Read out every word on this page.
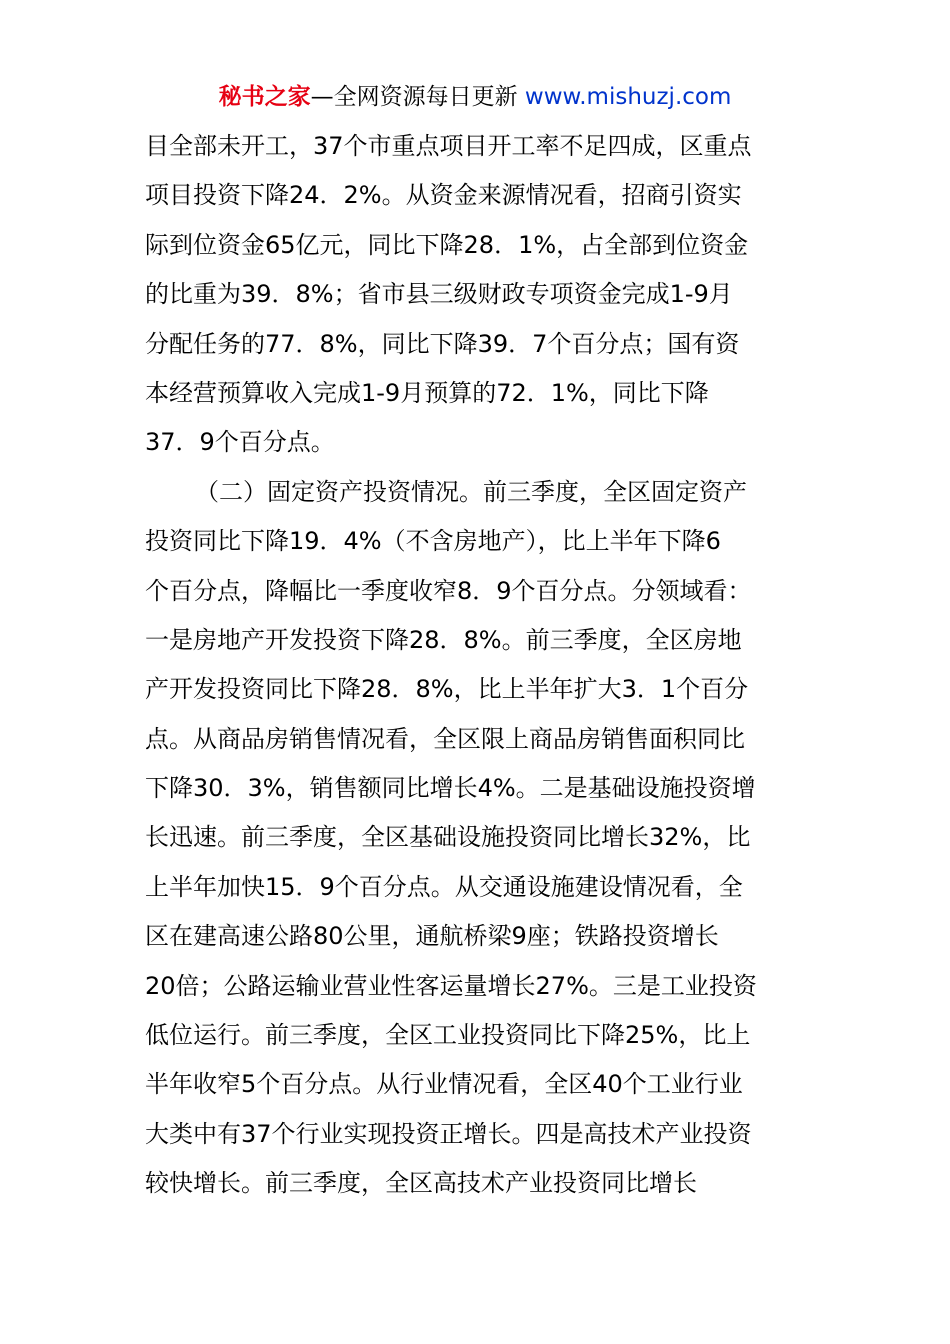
秘书之家—全网资源每日更新 www.mishuzj.com
目全部未开工，37个市重点项目开工率不足四成，区重点
项目投资下降24．2%。从资金来源情况看，招商引资实
际到位资金65亿元，同比下降28．1%，占全部到位资金
的比重为39．8%；省市县三级财政专项资金完成1-9月
分配任务的77．8%，同比下降39．7个百分点；国有资
本经营预算收入完成1-9月预算的72．1%，同比下降
37．9个百分点。
（二）固定资产投资情况。前三季度，全区固定资产
投资同比下降19．4%（不含房地产），比上半年下降6
个百分点，降幅比一季度收窄8．9个百分点。分领域看：
一是房地产开发投资下降28．8%。前三季度，全区房地
产开发投资同比下降28．8%，比上半年扩大3．1个百分
点。从商品房销售情况看，全区限上商品房销售面积同比
下降30．3%，销售额同比增长4%。二是基础设施投资增
长迅速。前三季度，全区基础设施投资同比增长32%，比
上半年加快15．9个百分点。从交通设施建设情况看，全
区在建高速公路80公里，通航桥梁9座；铁路投资增长
20倍；公路运输业营业性客运量增长27%。三是工业投资
低位运行。前三季度，全区工业投资同比下降25%，比上
半年收窄5个百分点。从行业情况看，全区40个工业行业
大类中有37个行业实现投资正增长。四是高技术产业投资
较快增长。前三季度，全区高技术产业投资同比增长
